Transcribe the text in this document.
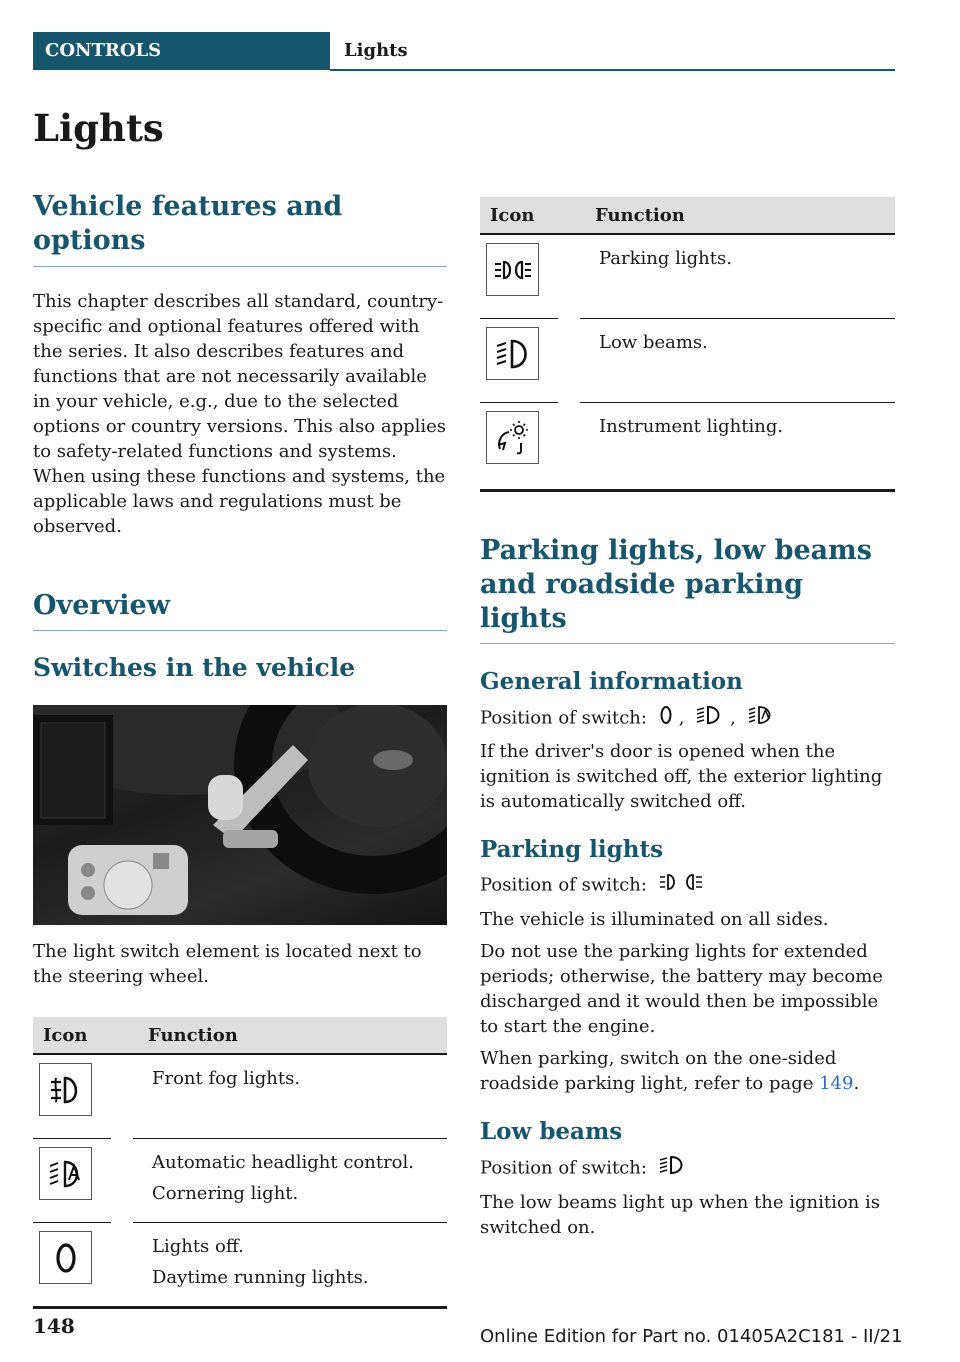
CONTROLS	Lights
Lights
Vehicle features and options

This chapter describes all standard, country-specific and optional features offered with the series. It also describes features and functions that are not necessarily available in your vehicle, e.g., due to the selected options or country versions. This also applies to safety-related functions and systems. When using these functions and systems, the applicable laws and regulations must be observed.

Overview
Switches in the vehicle

The light switch element is located next to the steering wheel.

Icon		Function

Front fog lights.

Automatic headlight control.
Cornering light.

Lights off.
Daytime running lights.
Icon		Function

Parking lights.

Low beams.

Instrument lighting.
Parking lights, low beams and roadside parking lights
General information

Position of switch: ,	,

If the driver's door is opened when the ignition is switched off, the exterior lighting is automatically switched off.

Parking lights

Position of switch:

The vehicle is illuminated on all sides.

Do not use the parking lights for extended periods; otherwise, the battery may become discharged and it would then be impossible to start the engine.

When parking, switch on the one-sided roadside parking light, refer to page 149.

Low beams

Position of switch:

The low beams light up when the ignition is switched on.

148	Online Edition for Part no. 01405A2C181 - II/21
